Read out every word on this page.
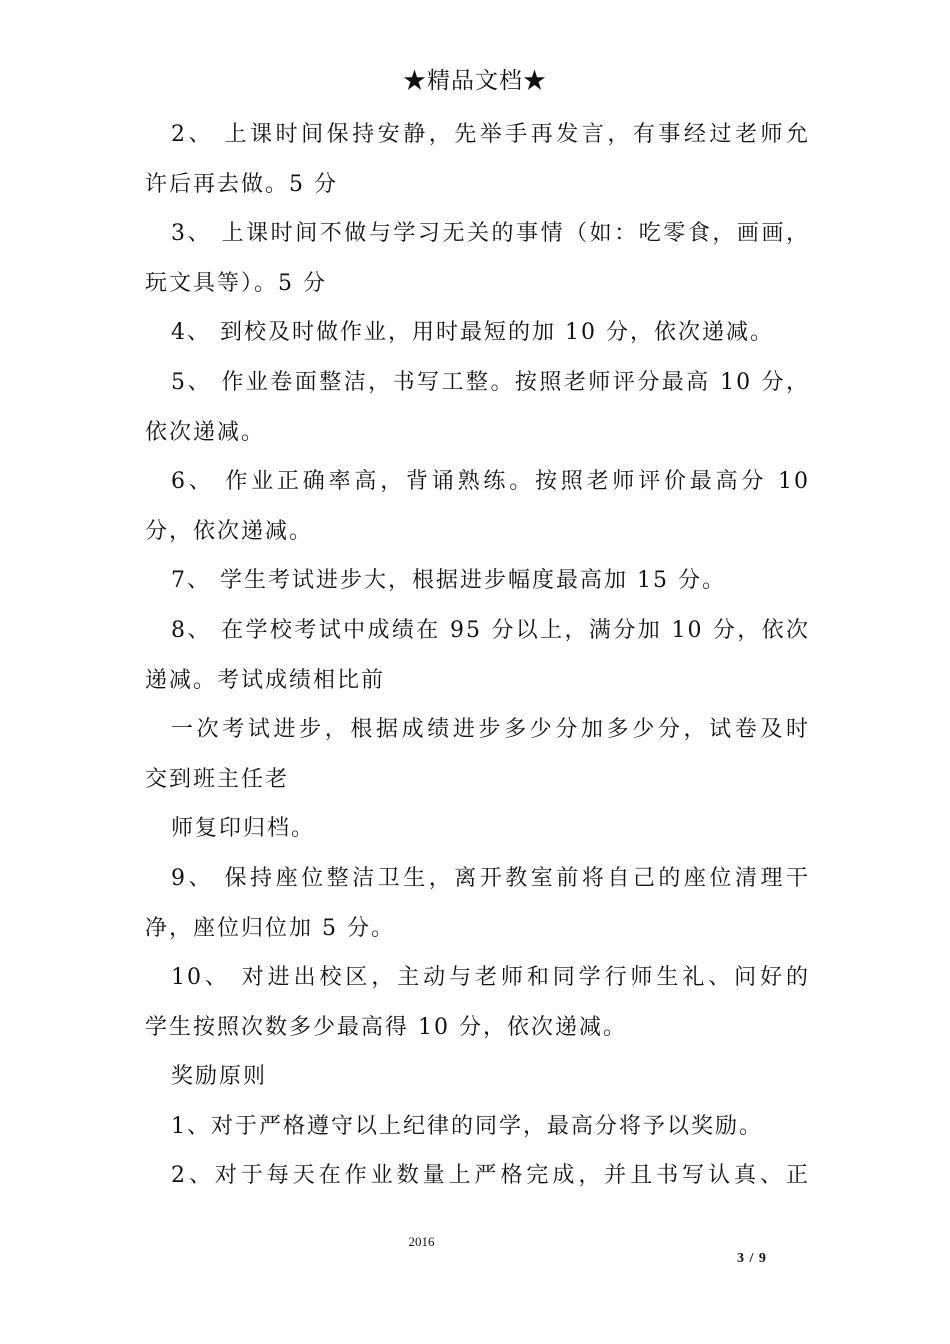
★精品文档★
2、 上课时间保持安静，先举手再发言，有事经过老师允
许后再去做。5 分
3、 上课时间不做与学习无关的事情（如：吃零食，画画，
玩文具等）。5 分
4、 到校及时做作业，用时最短的加 10 分，依次递减。
5、 作业卷面整洁，书写工整。按照老师评分最高 10 分，
依次递减。
6、 作业正确率高，背诵熟练。按照老师评价最高分 10
分，依次递减。
7、 学生考试进步大，根据进步幅度最高加 15 分。
8、 在学校考试中成绩在 95 分以上，满分加 10 分，依次
递减。考试成绩相比前
一次考试进步，根据成绩进步多少分加多少分，试卷及时
交到班主任老
师复印归档。
9、 保持座位整洁卫生，离开教室前将自己的座位清理干
净，座位归位加 5 分。
10、 对进出校区，主动与老师和同学行师生礼、问好的
学生按照次数多少最高得 10 分，依次递减。
奖励原则
1、对于严格遵守以上纪律的同学，最高分将予以奖励。
2、对于每天在作业数量上严格完成，并且书写认真、正
2016
3 / 9
